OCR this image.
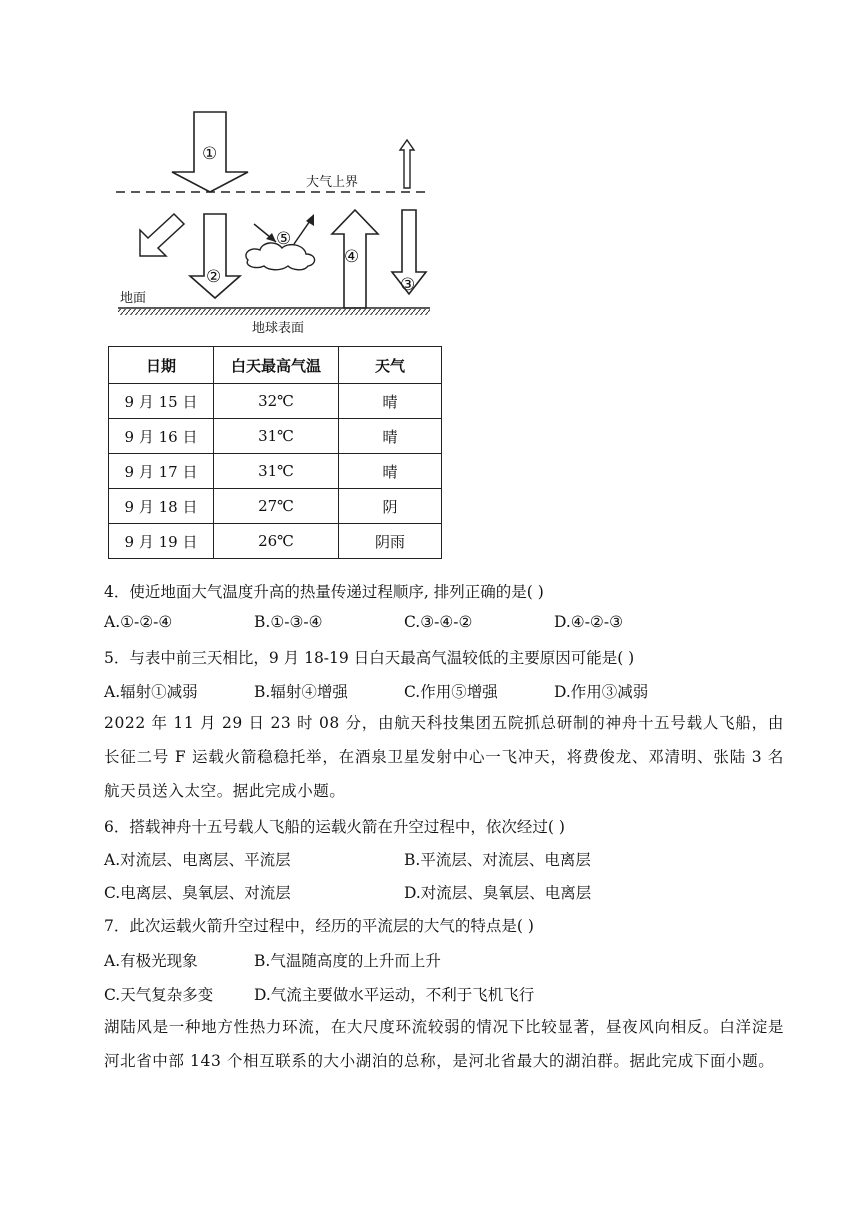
大气上界
①
②
⑤
④
③
地面
地球表面
日期	白天最高气温	天气
9 月 15 日	32℃	晴
9 月 16 日	31℃	晴
9 月 17 日	31℃	晴
9 月 18 日	27℃	阴
9 月 19 日	26℃	阴雨
4．使近地面大气温度升高的热量传递过程顺序, 排列正确的是( )
A.①-②-④	B.①-③-④	C.③-④-②	D.④-②-③
5．与表中前三天相比，9 月 18-19 日白天最高气温较低的主要原因可能是( )
A.辐射①减弱	B.辐射④增强	C.作用⑤增强	D.作用③减弱
2022 年 11 月 29 日 23 时 08 分，由航天科技集团五院抓总研制的神舟十五号载人飞船，由长征二号 F 运载火箭稳稳托举，在酒泉卫星发射中心一飞冲天，将费俊龙、邓清明、张陆 3 名航天员送入太空。据此完成小题。
6．搭载神舟十五号载人飞船的运载火箭在升空过程中，依次经过( )
A.对流层、电离层、平流层	B.平流层、对流层、电离层
C.电离层、臭氧层、对流层	D.对流层、臭氧层、电离层
7．此次运载火箭升空过程中，经历的平流层的大气的特点是( )
A.有极光现象	B.气温随高度的上升而上升
C.天气复杂多变	D.气流主要做水平运动，不利于飞机飞行
湖陆风是一种地方性热力环流，在大尺度环流较弱的情况下比较显著，昼夜风向相反。白洋淀是河北省中部 143 个相互联系的大小湖泊的总称，是河北省最大的湖泊群。据此完成下面小题。
